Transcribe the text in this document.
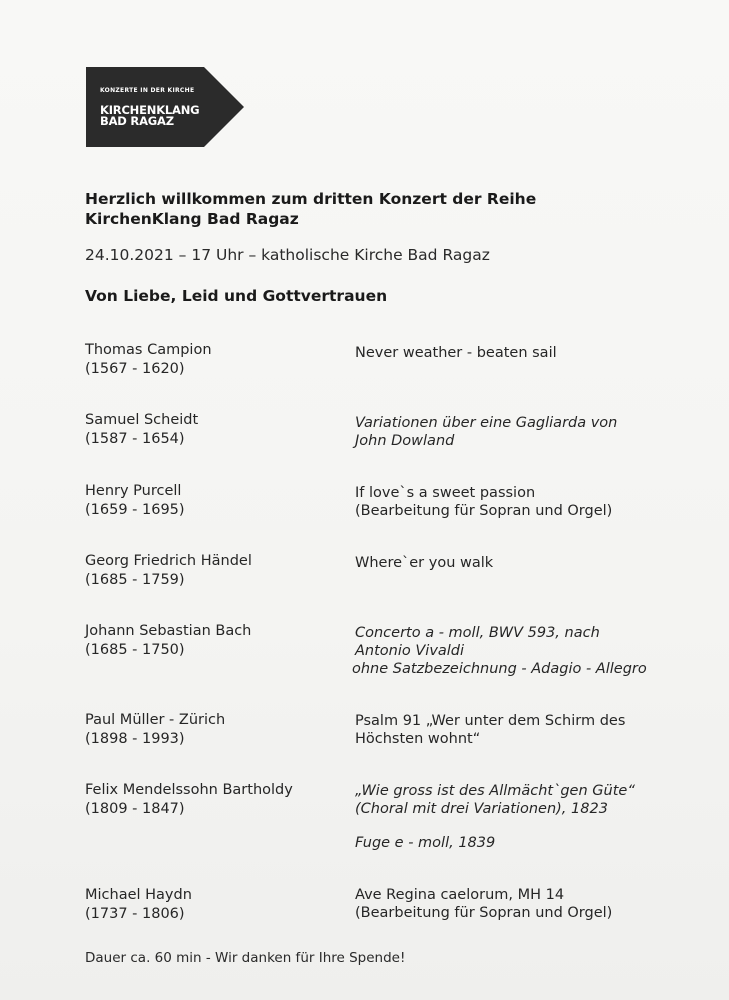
KONZERTE IN DER KIRCHE
KIRCHENKLANG
BAD RAGAZ
Herzlich willkommen zum dritten Konzert der Reihe
KirchenKlang Bad Ragaz
24.10.2021 – 17 Uhr – katholische Kirche Bad Ragaz
Von Liebe, Leid und Gottvertrauen
Thomas Campion
(1567 - 1620)
Never weather - beaten sail
Samuel Scheidt
(1587 - 1654)
Variationen über eine Gagliarda von
John Dowland
Henry Purcell
(1659 - 1695)
If love`s a sweet passion
(Bearbeitung für Sopran und Orgel)
Georg Friedrich Händel
(1685 - 1759)
Where`er you walk
Johann Sebastian Bach
(1685 - 1750)
Concerto a - moll, BWV 593, nach
Antonio Vivaldi
ohne Satzbezeichnung - Adagio - Allegro
Paul Müller - Zürich
(1898 - 1993)
Psalm 91 „Wer unter dem Schirm des
Höchsten wohnt“
Felix Mendelssohn Bartholdy
(1809 - 1847)
„Wie gross ist des Allmächt`gen Güte“
(Choral mit drei Variationen), 1823
Fuge e - moll, 1839
Michael Haydn
(1737 - 1806)
Ave Regina caelorum, MH 14
(Bearbeitung für Sopran und Orgel)
Dauer ca. 60 min - Wir danken für Ihre Spende!
